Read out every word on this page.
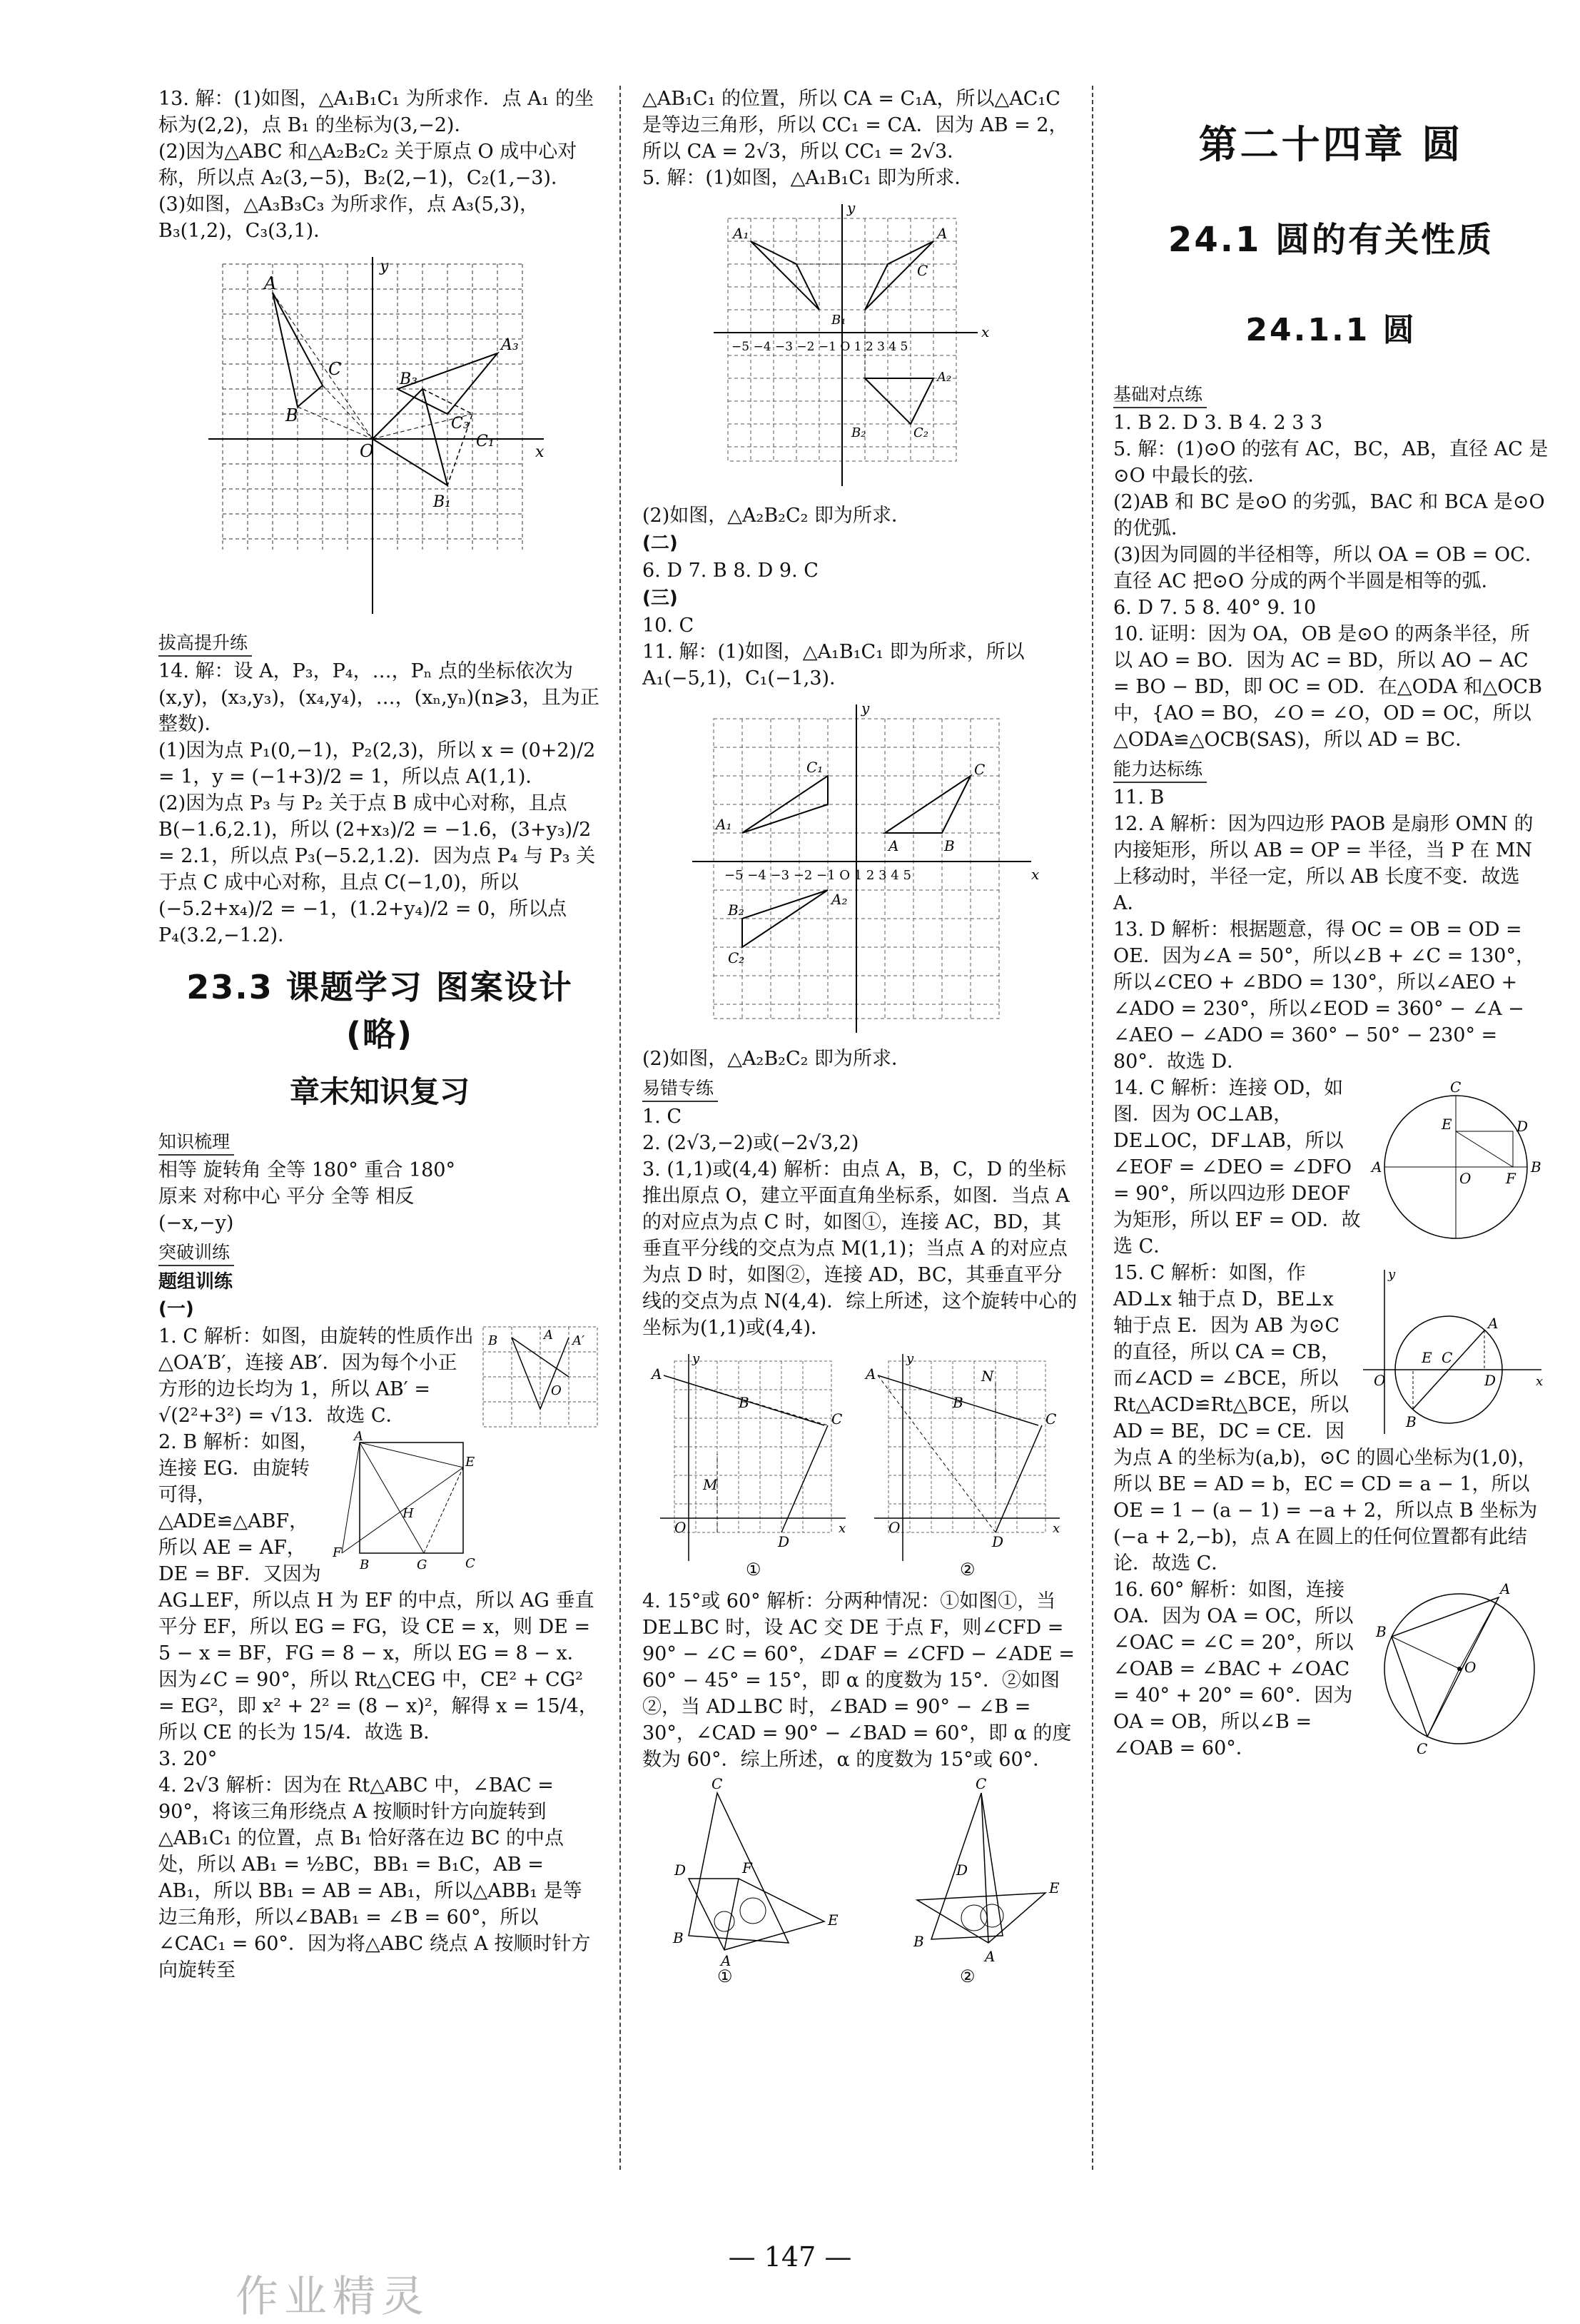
13. 解：(1)如图，△A₁B₁C₁ 为所求作．点 A₁ 的坐标为(2,2)，点 B₁ 的坐标为(3,−2)．

(2)因为△ABC 和△A₂B₂C₂ 关于原点 O 成中心对称，所以点 A₂(3,−5)，B₂(2,−1)，C₂(1,−3)．

(3)如图，△A₃B₃C₃ 为所求作，点 A₃(5,3)，B₃(1,2)，C₃(3,1)．

A
C
B
O
B₃
A₃
C₃
C₁
B₁
y
x
拔高提升练

14. 解：设 A，P₃，P₄，…，Pₙ 点的坐标依次为(x,y)，(x₃,y₃)，(x₄,y₄)，…，(xₙ,yₙ)(n⩾3，且为正整数)．

(1)因为点 P₁(0,−1)，P₂(2,3)，所以 x = (0+2)/2 = 1，y = (−1+3)/2 = 1，所以点 A(1,1)．

(2)因为点 P₃ 与 P₂ 关于点 B 成中心对称，且点 B(−1.6,2.1)，所以 (2+x₃)/2 = −1.6，(3+y₃)/2 = 2.1，所以点 P₃(−5.2,1.2)．因为点 P₄ 与 P₃ 关于点 C 成中心对称，且点 C(−1,0)，所以 (−5.2+x₄)/2 = −1，(1.2+y₄)/2 = 0，所以点 P₄(3.2,−1.2)．

23.3 课题学习 图案设计(略)
章末知识复习
知识梳理

相等 旋转角 全等 180° 重合 180°

原来 对称中心 平分 全等 相反

(−x,−y)

突破训练
题组训练
(一)
B	A A′
O

1. C 解析：如图，由旋转的性质作出△OA′B′，连接 AB′．因为每个小正方形的边长均为 1，所以 AB′ = √(2²+3²) = √13．故选 C．

A
E
C
G
B
F
H

2. B 解析：如图，连接 EG．由旋转可得，△ADE≌△ABF，所以 AE = AF，DE = BF．又因为 AG⊥EF，所以点 H 为 EF 的中点，所以 AG 垂直平分 EF，所以 EG = FG，设 CE = x，则 DE = 5 − x = BF，FG = 8 − x，所以 EG = 8 − x．因为∠C = 90°，所以 Rt△CEG 中，CE² + CG² = EG²，即 x² + 2² = (8 − x)²，解得 x = 15/4，所以 CE 的长为 15/4．故选 B．

3. 20°

4. 2√3 解析：因为在 Rt△ABC 中，∠BAC = 90°，将该三角形绕点 A 按顺时针方向旋转到△AB₁C₁ 的位置，点 B₁ 恰好落在边 BC 的中点处，所以 AB₁ = ½BC，BB₁ = B₁C，AB = AB₁，所以 BB₁ = AB = AB₁，所以△ABB₁ 是等边三角形，所以∠BAB₁ = ∠B = 60°，所以∠CAC₁ = 60°．因为将△ABC 绕点 A 按顺时针方向旋转至

△AB₁C₁ 的位置，所以 CA = C₁A，所以△AC₁C 是等边三角形，所以 CC₁ = CA．因为 AB = 2，所以 CA = 2√3，所以 CC₁ = 2√3．

5. 解：(1)如图，△A₁B₁C₁ 即为所求．

A₁	A
C
B₁
−5 −4 −3 −2 −1 O 1 2 3 4 5
B₂	C₂
A₂
y
x

(2)如图，△A₂B₂C₂ 即为所求．

(二)

6. D 7. B 8. D 9. C

(三)

10. C

11. 解：(1)如图，△A₁B₁C₁ 即为所求，所以 A₁(−5,1)，C₁(−1,3)．

A₁
C₁	C
A	B
−5 −4 −3 −2 −1 O 1 2 3 4 5
B₂
C₂
A₂
y
x

(2)如图，△A₂B₂C₂ 即为所求．

易错专练

1. C

2. (2√3,−2)或(−2√3,2)

3. (1,1)或(4,4) 解析：由点 A，B，C，D 的坐标推出原点 O，建立平面直角坐标系，如图．当点 A 的对应点为点 C 时，如图①，连接 AC，BD，其垂直平分线的交点为点 M(1,1)；当点 A 的对应点为点 D 时，如图②，连接 AD，BC，其垂直平分线的交点为点 N(4,4)．综上所述，这个旋转中心的坐标为(1,1)或(4,4)．

A
y
C
B
M
O
D
x
A
y
C
B
N
O
D
x
①	②

4. 15°或 60° 解析：分两种情况：①如图①，当 DE⊥BC 时，设 AC 交 DE 于点 F，则∠CFD = 90° − ∠C = 60°，∠DAF = ∠CFD − ∠ADE = 60° − 45° = 15°，即 α 的度数为 15°．②如图②，当 AD⊥BC 时，∠BAD = 90° − ∠B = 30°，∠CAD = 90° − ∠BAD = 60°，即 α 的度数为 60°．综上所述，α 的度数为 15°或 60°．

C
D	F
E
B
A
C
D
E
B
A
①	②
第二十四章 圆
24.1 圆的有关性质
24.1.1 圆
基础对点练

1. B 2. D 3. B 4. 2 3 3

5. 解：(1)⊙O 的弦有 AC，BC，AB，直径 AC 是⊙O 中最长的弦．

(2)AB 和 BC 是⊙O 的劣弧，BAC 和 BCA 是⊙O 的优弧．

(3)因为同圆的半径相等，所以 OA = OB = OC．直径 AC 把⊙O 分成的两个半圆是相等的弧．

6. D 7. 5 8. 40° 9. 10

10. 证明：因为 OA，OB 是⊙O 的两条半径，所以 AO = BO．因为 AC = BD，所以 AO − AC = BO − BD，即 OC = OD．在△ODA 和△OCB 中，{AO = BO，∠O = ∠O，OD = OC，所以△ODA≌△OCB(SAS)，所以 AD = BC．

能力达标练

11. B

12. A 解析：因为四边形 PAOB 是扇形 OMN 的内接矩形，所以 AB = OP = 半径，当 P 在 MN 上移动时，半径一定，所以 AB 长度不变．故选 A．

13. D 解析：根据题意，得 OC = OB = OD = OE．因为∠A = 50°，所以∠B + ∠C = 130°，所以∠CEO + ∠BDO = 130°，所以∠AEO + ∠ADO = 230°，所以∠EOD = 360° − ∠A − ∠AEO − ∠ADO = 360° − 50° − 230° = 80°．故选 D．

C
D
E
A	B
O F

14. C 解析：连接 OD，如图．因为 OC⊥AB，DE⊥OC，DF⊥AB，所以∠EOF = ∠DEO = ∠DFO = 90°，所以四边形 DEOF 为矩形，所以 EF = OD．故选 C．

A
B
E C
D
O
y
x

15. C 解析：如图，作 AD⊥x 轴于点 D，BE⊥x 轴于点 E．因为 AB 为⊙C 的直径，所以 CA = CB，而∠ACD = ∠BCE，所以 Rt△ACD≌Rt△BCE，所以 AD = BE，DC = CE．因为点 A 的坐标为(a,b)，⊙C 的圆心坐标为(1,0)，所以 BE = AD = b，EC = CD = a − 1，所以 OE = 1 − (a − 1) = −a + 2，所以点 B 坐标为(−a + 2,−b)，点 A 在圆上的任何位置都有此结论．故选 C．

A
B
C
O

16. 60° 解析：如图，连接 OA．因为 OA = OC，所以∠OAC = ∠C = 20°，所以∠OAB = ∠BAC + ∠OAC = 40° + 20° = 60°．因为 OA = OB，所以∠B = ∠OAB = 60°．

— 147 —
作业精灵
